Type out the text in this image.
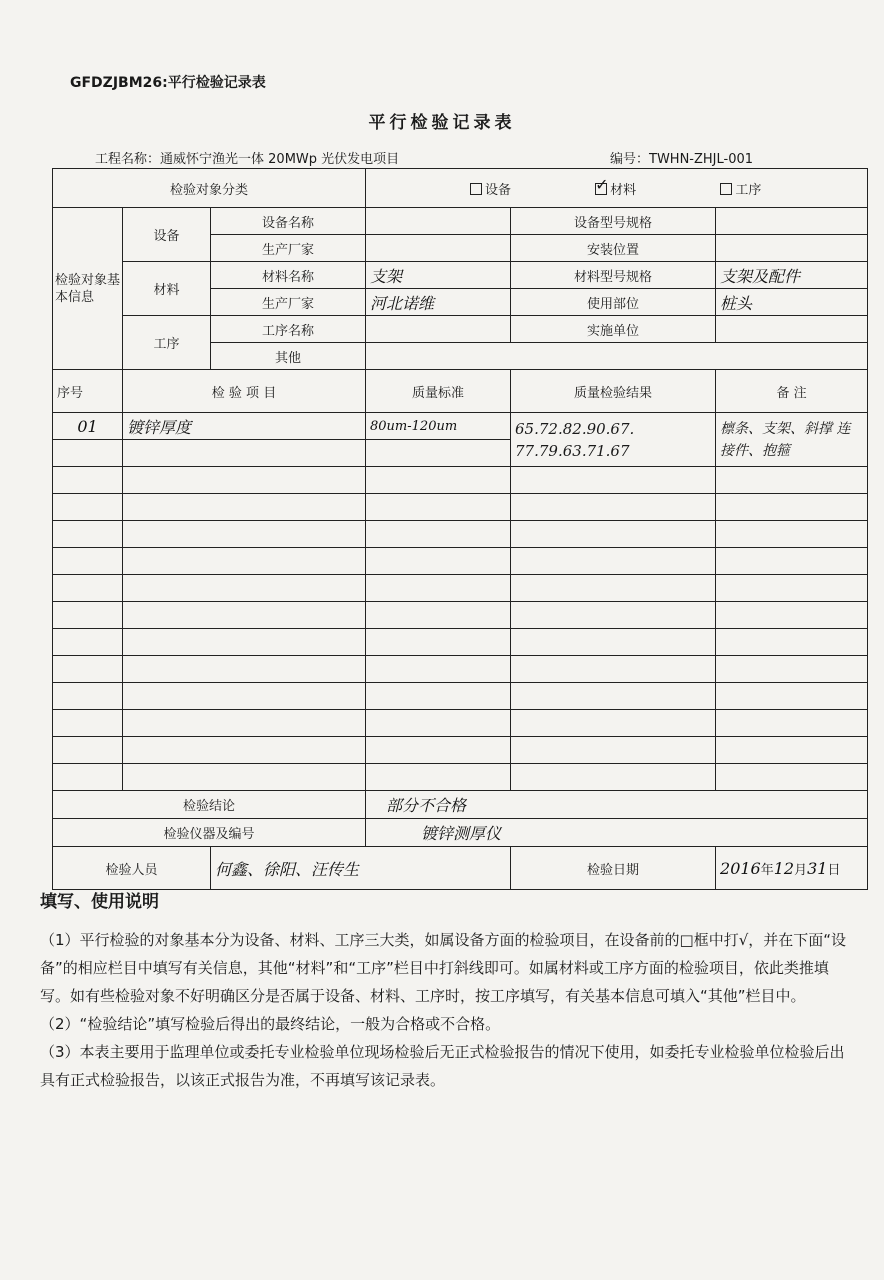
GFDZJBM26:平行检验记录表
平行检验记录表
工程名称：通威怀宁渔光一体 20MWp 光伏发电项目	编号：TWHN-ZHJL-001
检验对象分类			设备 ✓ 材料 工序
检验对象基本信息	设备	设备名称		设备型号规格	
		生产厂家		安装位置	
	材料	材料名称	支架	材料型号规格	支架及配件
		生产厂家	河北诺维	使用部位	桩头
	工序	工序名称		实施单位	
		其他			
序号	检 验 项 目		质量标准	质量检验结果	备 注
01	镀锌厚度		80um-120um	65.72.82.90.67. 77.79.63.71.67	檩条、支架、斜撑 连接件、抱箍

检验结论			部分不合格		
检验仪器及编号			镀锌测厚仪		
检验人员		何鑫、徐阳、汪传生		检验日期	2016年12月31日
填写、使用说明

（1）平行检验的对象基本分为设备、材料、工序三大类，如属设备方面的检验项目，在设备前的□框中打√，并在下面“设备”的相应栏目中填写有关信息，其他“材料”和“工序”栏目中打斜线即可。如属材料或工序方面的检验项目，依此类推填写。如有些检验对象不好明确区分是否属于设备、材料、工序时，按工序填写，有关基本信息可填入“其他”栏目中。

（2）“检验结论”填写检验后得出的最终结论，一般为合格或不合格。

（3）本表主要用于监理单位或委托专业检验单位现场检验后无正式检验报告的情况下使用，如委托专业检验单位检验后出具有正式检验报告，以该正式报告为准，不再填写该记录表。
